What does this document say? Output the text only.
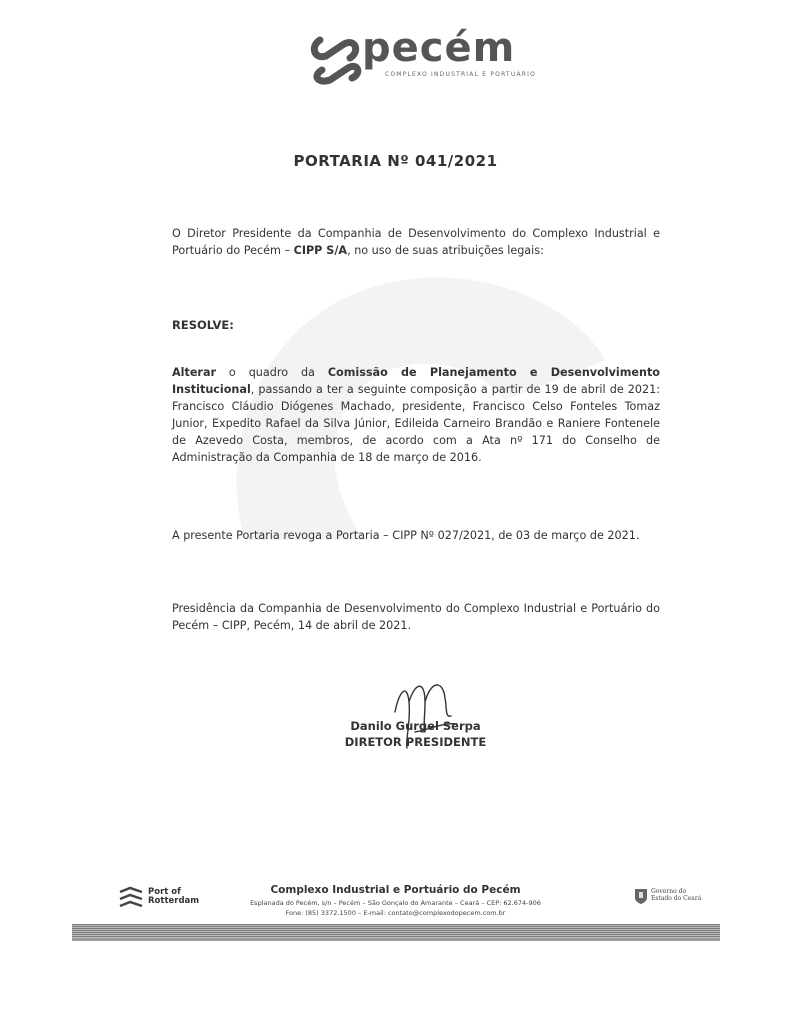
pecém
COMPLEXO INDUSTRIAL E PORTUÁRIO
PORTARIA Nº 041/2021
O Diretor Presidente da Companhia de Desenvolvimento do Complexo Industrial e Portuário do Pecém – CIPP S/A, no uso de suas atribuições legais:
RESOLVE:
Alterar o quadro da Comissão de Planejamento e Desenvolvimento Institucional, passando a ter a seguinte composição a partir de 19 de abril de 2021: Francisco Cláudio Diógenes Machado, presidente, Francisco Celso Fonteles Tomaz Junior, Expedito Rafael da Silva Júnior, Edileida Carneiro Brandão e Raniere Fontenele de Azevedo Costa, membros, de acordo com a Ata nº 171 do Conselho de Administração da Companhia de 18 de março de 2016.
A presente Portaria revoga a Portaria – CIPP Nº 027/2021, de 03 de março de 2021.
Presidência da Companhia de Desenvolvimento do Complexo Industrial e Portuário do Pecém – CIPP, Pecém, 14 de abril de 2021.
Danilo Gurgel Serpa
DIRETOR PRESIDENTE
Port of
Rotterdam
Complexo Industrial e Portuário do Pecém
Esplanada do Pecém, s/n – Pecém – São Gonçalo do Amarante – Ceará – CEP: 62.674-906
Fone: (85) 3372.1500 – E-mail: contato@complexodopecem.com.br
Governo do
Estado do Ceará
